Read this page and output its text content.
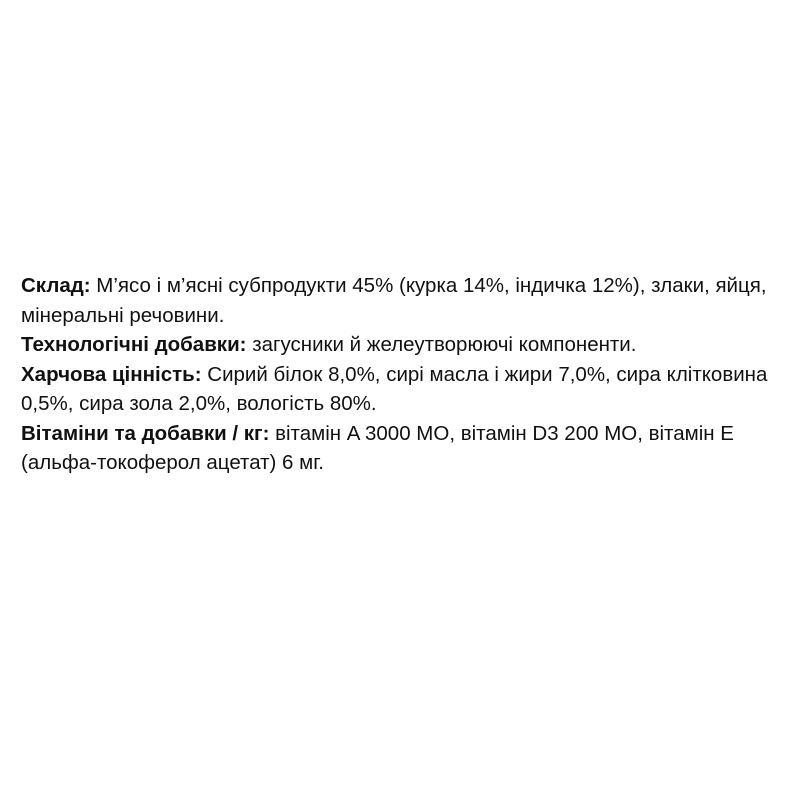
Склад: М’ясо і м’ясні субпродукти 45% (курка 14%, індичка 12%), злаки, яйця, мінеральні речовини.

Технологічні добавки: загусники й желеутворюючі компоненти.

Харчова цінність: Сирий білок 8,0%, сирі масла і жири 7,0%, сира клітковина 0,5%, сира зола 2,0%, вологість 80%.

Вітаміни та добавки / кг: вітамін A 3000 МО, вітамін D3 200 МО, вітамін E (альфа-токоферол ацетат) 6 мг.
